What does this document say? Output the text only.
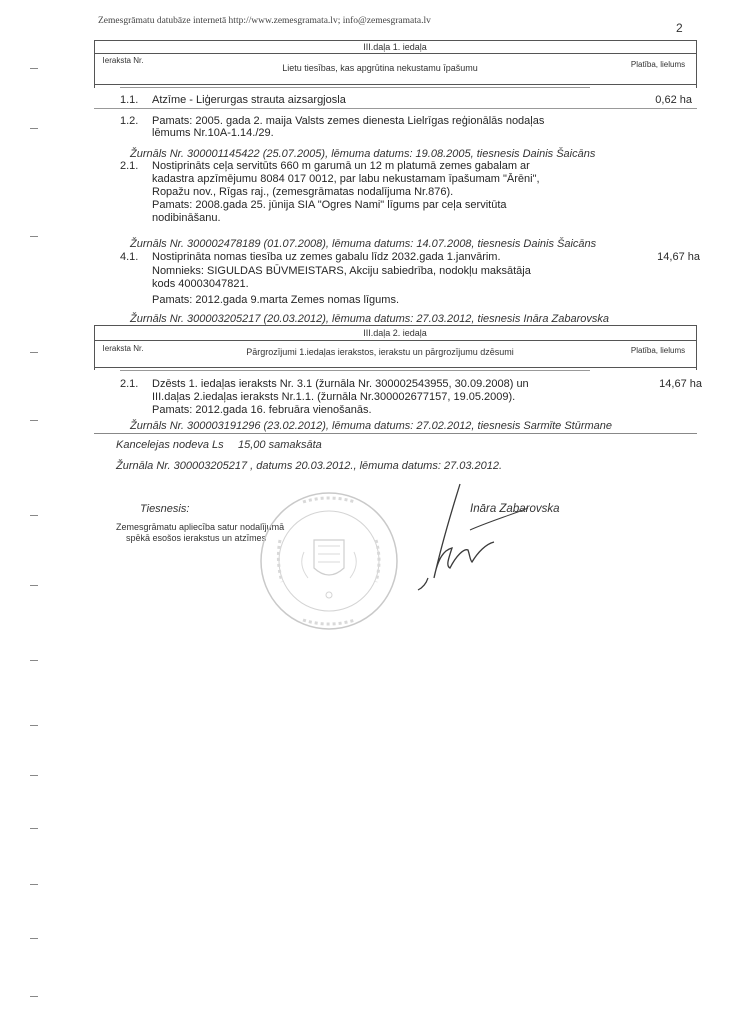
Zemesgrāmatu datubāze internetā http://www.zemesgramata.lv; info@zemesgramata.lv	2
III.daļa 1. iedaļa
Ieraksta Nr.
Lietu tiesības, kas apgrūtina nekustamu īpašumu	Platība, lielums
1.1. Atzīme - Liģerurgas strauta aizsargjosla	0,62 ha
1.2. Pamats: 2005. gada 2. maija Valsts zemes dienesta Lielrīgas reģionālās nodaļas
lēmums Nr.10A-1.14./29.
Žurnāls Nr. 300001145422 (25.07.2005), lēmuma datums: 19.08.2005, tiesnesis Dainis Šaicāns
2.1. Nostiprināts ceļa servitūts 660 m garumā un 12 m platumā zemes gabalam ar
kadastra apzīmējumu 8084 017 0012, par labu nekustamam īpašumam "Ārēni",
Ropažu nov., Rīgas raj., (zemesgrāmatas nodalījuma Nr.876).
Pamats: 2008.gada 25. jūnija SIA "Ogres Nami" līgums par ceļa servitūta
nodibināšanu.
Žurnāls Nr. 300002478189 (01.07.2008), lēmuma datums: 14.07.2008, tiesnesis Dainis Šaicāns
4.1. Nostiprināta nomas tiesība uz zemes gabalu līdz 2032.gada 1.janvārim.	14,67 ha
Nomnieks: SIGULDAS BŪVMEISTARS, Akciju sabiedrība, nodokļu maksātāja
kods 40003047821.
Pamats: 2012.gada 9.marta Zemes nomas līgums.
Žurnāls Nr. 300003205217 (20.03.2012), lēmuma datums: 27.03.2012, tiesnesis Ināra Zabarovska
III.daļa 2. iedaļa
Ieraksta Nr.	Pārgrozījumi 1.iedaļas ierakstos, ierakstu un pārgrozījumu dzēsumi	Platība, lielums
2.1. Dzēsts 1. iedaļas ieraksts Nr. 3.1 (žurnāla Nr. 300002543955, 30.09.2008) un	14,67 ha
III.daļas 2.iedaļas ieraksts Nr.1.1. (žurnāla Nr.300002677157, 19.05.2009).
Pamats: 2012.gada 16. februāra vienošanās.
Žurnāls Nr. 300003191296 (23.02.2012), lēmuma datums: 27.02.2012, tiesnesis Sarmīte Stūrmane
Kancelejas nodeva Ls 15,00 samaksāta
Žurnāla Nr. 300003205217 , datums 20.03.2012., lēmuma datums: 27.03.2012.
Tiesnesis:
Zemesgrāmatu apliecība satur nodalījumā
spēkā esošos ierakstus un atzīmes
Ināra Zabarovska
